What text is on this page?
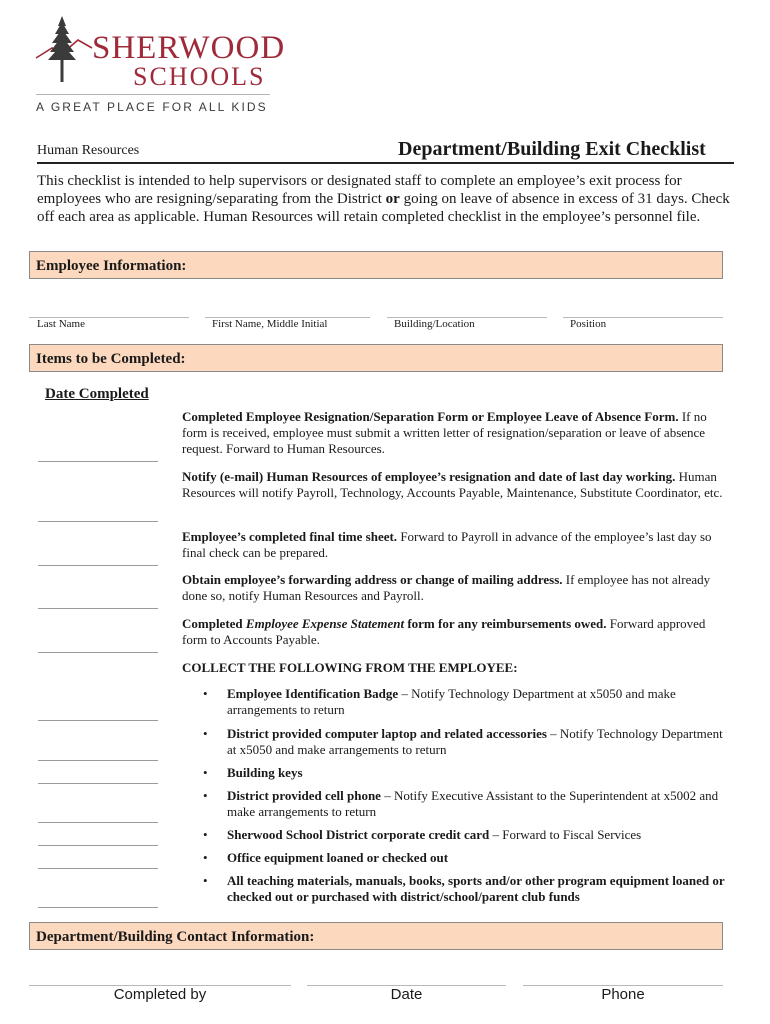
SHERWOOD
SCHOOLS
A GREAT PLACE FOR ALL KIDS
Human Resources	Department/Building Exit Checklist
This checklist is intended to help supervisors or designated staff to complete an employee’s exit process for employees who are resigning/separating from the District or going on leave of absence in excess of 31 days. Check off each area as applicable. Human Resources will retain completed checklist in the employee’s personnel file.
Employee Information:
Last Name	First Name, Middle Initial	Building/Location	Position
Items to be Completed:
Date Completed
Completed Employee Resignation/Separation Form or Employee Leave of Absence Form. If no form is received, employee must submit a written letter of resignation/separation or leave of absence request. Forward to Human Resources.
Notify (e-mail) Human Resources of employee’s resignation and date of last day working. Human Resources will notify Payroll, Technology, Accounts Payable, Maintenance, Substitute Coordinator, etc.
Employee’s completed final time sheet. Forward to Payroll in advance of the employee’s last day so final check can be prepared.
Obtain employee’s forwarding address or change of mailing address. If employee has not already done so, notify Human Resources and Payroll.
Completed Employee Expense Statement form for any reimbursements owed. Forward approved form to Accounts Payable.
COLLECT THE FOLLOWING FROM THE EMPLOYEE:
• Employee Identification Badge – Notify Technology Department at x5050 and make arrangements to return
• District provided computer laptop and related accessories – Notify Technology Department at x5050 and make arrangements to return
• Building keys
• District provided cell phone – Notify Executive Assistant to the Superintendent at x5002 and make arrangements to return
• Sherwood School District corporate credit card – Forward to Fiscal Services
• Office equipment loaned or checked out
• All teaching materials, manuals, books, sports and/or other program equipment loaned or checked out or purchased with district/school/parent club funds
Department/Building Contact Information:
Completed by	Date	Phone
